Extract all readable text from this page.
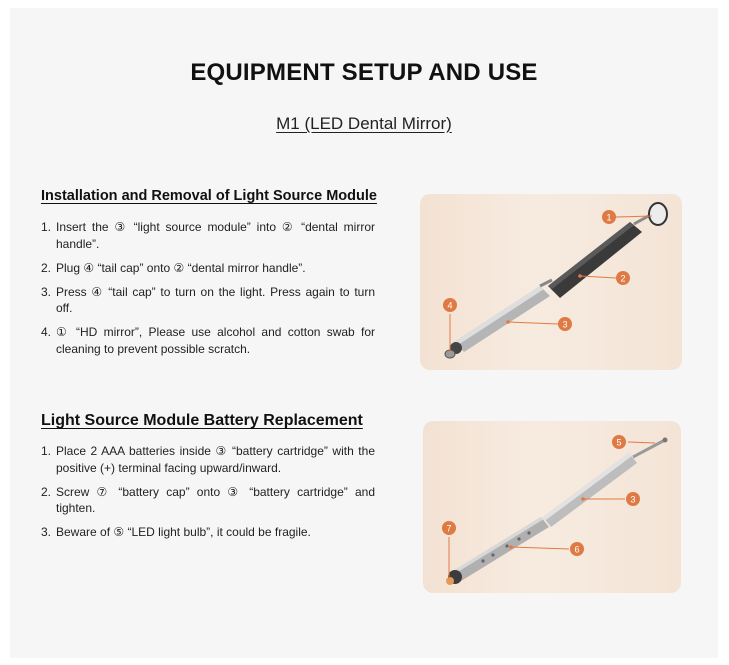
EQUIPMENT SETUP AND USE
M1 (LED Dental Mirror)
Installation and Removal of Light Source Module
1. Insert the ③ “light source module” into ② “dental mirror handle”.
2. Plug ④ “tail cap” onto ② “dental mirror handle”.
3. Press ④ “tail cap” to turn on the light. Press again to turn off.
4. ① “HD mirror”, Please use alcohol and cotton swab for cleaning to prevent possible scratch.
1
2
3
4
Light Source Module Battery Replacement
1. Place 2 AAA batteries inside ③ “battery cartridge” with the positive (+) terminal facing upward/inward.
2. Screw ⑦ “battery cap” onto ③ “battery cartridge” and tighten.
3. Beware of ⑤ “LED light bulb”, it could be fragile.
5
3
7
6
